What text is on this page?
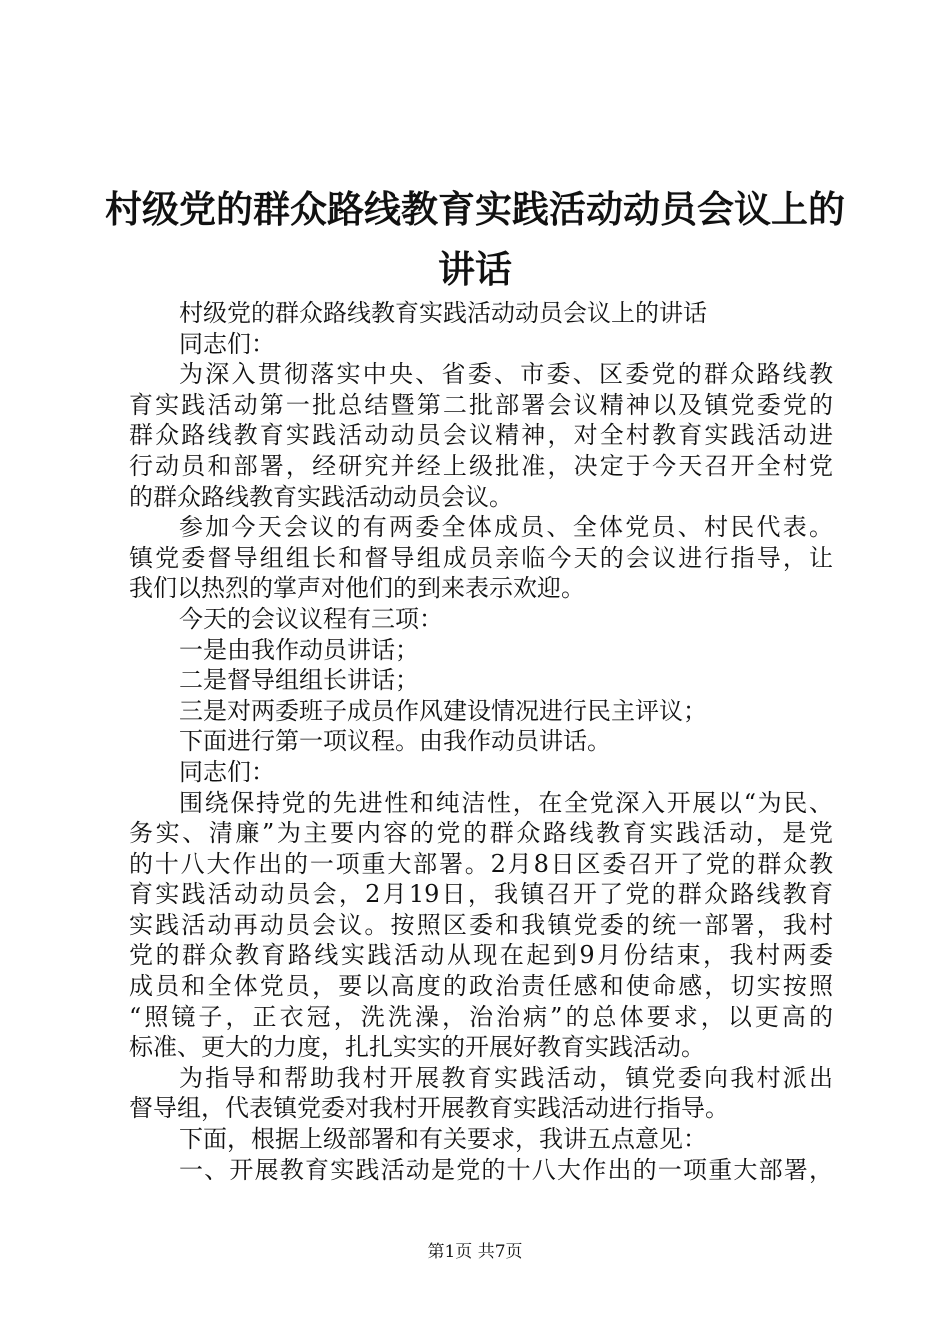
村级党的群众路线教育实践活动动员会议上的
讲话
村级党的群众路线教育实践活动动员会议上的讲话
同志们：
为深入贯彻落实中央、省委、市委、区委党的群众路线教
育实践活动第一批总结暨第二批部署会议精神以及镇党委党的
群众路线教育实践活动动员会议精神，对全村教育实践活动进
行动员和部署，经研究并经上级批准，决定于今天召开全村党
的群众路线教育实践活动动员会议。
参加今天会议的有两委全体成员、全体党员、村民代表。
镇党委督导组组长和督导组成员亲临今天的会议进行指导，让
我们以热烈的掌声对他们的到来表示欢迎。
今天的会议议程有三项：
一是由我作动员讲话；
二是督导组组长讲话；
三是对两委班子成员作风建设情况进行民主评议；
下面进行第一项议程。由我作动员讲话。
同志们：
围绕保持党的先进性和纯洁性，在全党深入开展以“为民、
务实、清廉”为主要内容的党的群众路线教育实践活动，是党
的十八大作出的一项重大部署。2月8日区委召开了党的群众教
育实践活动动员会，2月19日，我镇召开了党的群众路线教育
实践活动再动员会议。按照区委和我镇党委的统一部署，我村
党的群众教育路线实践活动从现在起到9月份结束，我村两委
成员和全体党员，要以高度的政治责任感和使命感，切实按照
“照镜子，正衣冠，洗洗澡，治治病”的总体要求，以更高的
标准、更大的力度，扎扎实实的开展好教育实践活动。
为指导和帮助我村开展教育实践活动，镇党委向我村派出
督导组，代表镇党委对我村开展教育实践活动进行指导。
下面，根据上级部署和有关要求，我讲五点意见：
一、开展教育实践活动是党的十八大作出的一项重大部署，
第1页 共7页
